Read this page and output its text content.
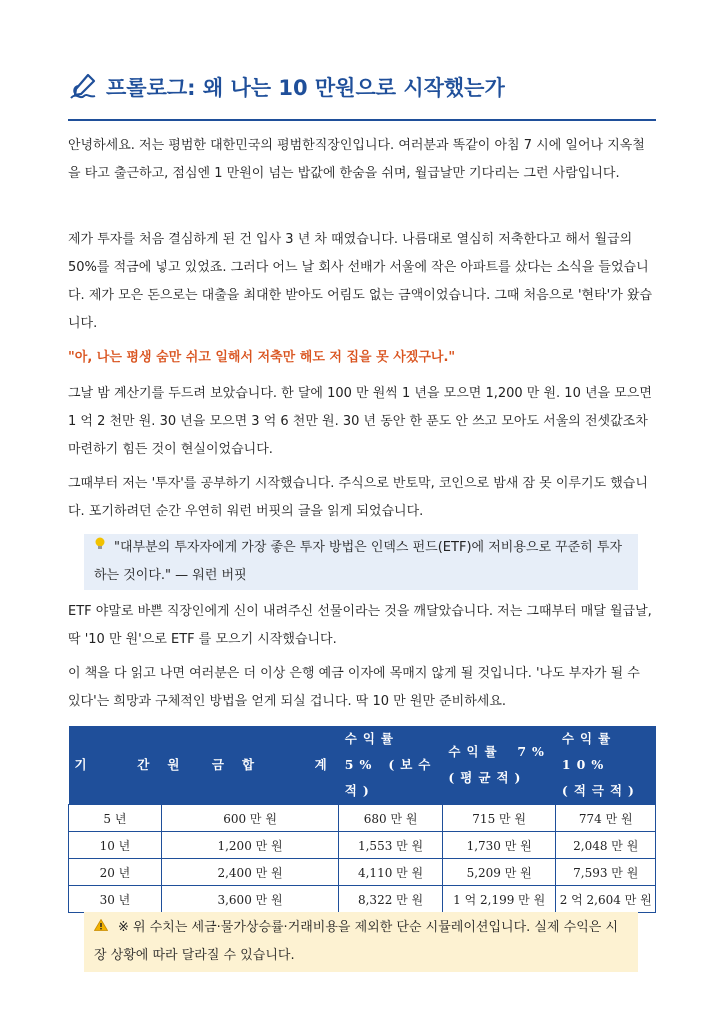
프롤로그: 왜 나는 10 만원으로 시작했는가

안녕하세요. 저는 평범한 대한민국의 평범한직장인입니다. 여러분과 똑같이 아침 7 시에 일어나 지옥철을 타고 출근하고, 점심엔 1 만원이 넘는 밥값에 한숨을 쉬며, 월급날만 기다리는 그런 사람입니다.

제가 투자를 처음 결심하게 된 건 입사 3 년 차 때였습니다. 나름대로 열심히 저축한다고 해서 월급의 50%를 적금에 넣고 있었죠. 그러다 어느 날 회사 선배가 서울에 작은 아파트를 샀다는 소식을 들었습니다. 제가 모은 돈으로는 대출을 최대한 받아도 어림도 없는 금액이었습니다. 그때 처음으로 '현타'가 왔습니다.

"아, 나는 평생 숨만 쉬고 일해서 저축만 해도 저 집을 못 사겠구나."

그날 밤 계산기를 두드려 보았습니다. 한 달에 100 만 원씩 1 년을 모으면 1,200 만 원. 10 년을 모으면 1 억 2 천만 원. 30 년을 모으면 3 억 6 천만 원. 30 년 동안 한 푼도 안 쓰고 모아도 서울의 전셋값조차 마련하기 힘든 것이 현실이었습니다.

그때부터 저는 '투자'를 공부하기 시작했습니다. 주식으로 반토막, 코인으로 밤새 잠 못 이루기도 했습니다. 포기하려던 순간 우연히 워런 버핏의 글을 읽게 되었습니다.

"대부분의 투자자에게 가장 좋은 투자 방법은 인덱스 펀드(ETF)에 저비용으로 꾸준히 투자하는 것이다." — 워런 버핏

ETF 야말로 바쁜 직장인에게 신이 내려주신 선물이라는 것을 깨달았습니다. 저는 그때부터 매달 월급날, 딱 '10 만 원'으로 ETF 를 모으기 시작했습니다.

이 책을 다 읽고 나면 여러분은 더 이상 은행 예금 이자에 목매지 않게 될 것입니다. '나도 부자가 될 수 있다'는 희망과 구체적인 방법을 얻게 되실 겁니다. 딱 10 만 원만 준비하세요.

기 간	원 금	합 계	수익률 5% (보수적)	수익률 7% (평균적)	수익률 10% (적극적)
5 년	600 만 원		680 만 원	715 만 원	774 만 원
10 년	1,200 만 원		1,553 만 원	1,730 만 원	2,048 만 원
20 년	2,400 만 원		4,110 만 원	5,209 만 원	7,593 만 원
30 년	3,600 만 원		8,322 만 원	1 억 2,199 만 원	2 억 2,604 만 원
※ 위 수치는 세금·물가상승률·거래비용을 제외한 단순 시뮬레이션입니다. 실제 수익은 시장 상황에 따라 달라질 수 있습니다.
